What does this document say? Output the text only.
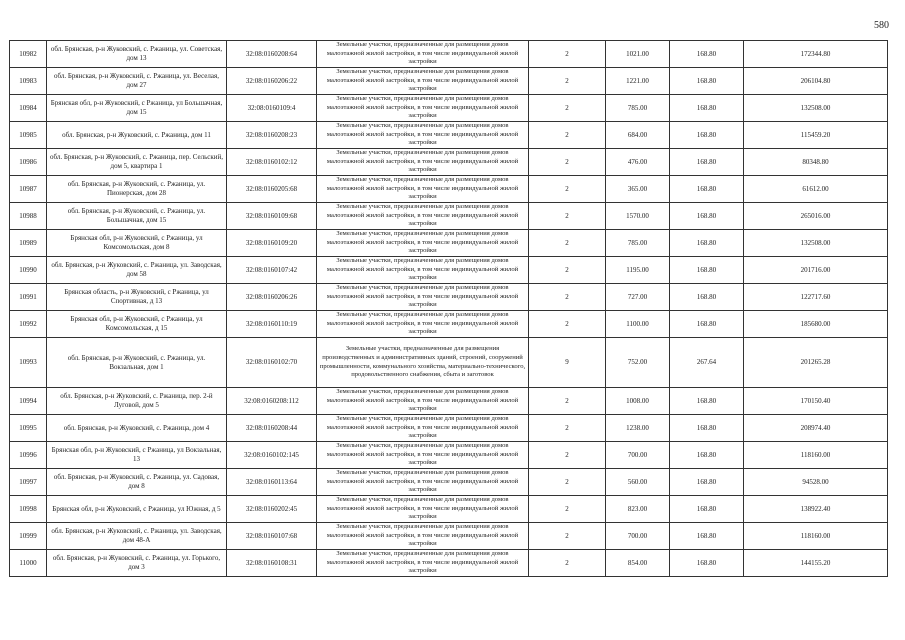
580
10982	обл. Брянская, р-н Жуковский, с. Ржаница, ул. Советская, дом 13	32:08:0160208:64	Земельные участки, предназначенные для размещения домов малоэтажной жилой застройки, в том числе индивидуальной жилой застройки	2	1021.00	168.80	172344.80
10983	обл. Брянская, р-н Жуковский, с. Ржаница, ул. Веселая, дом 27	32:08:0160206:22	Земельные участки, предназначенные для размещения домов малоэтажной жилой застройки, в том числе индивидуальной жилой застройки	2	1221.00	168.80	206104.80
10984	Брянская обл, р-н Жуковский, с Ржаница, ул Большачная, дом 15	32:08:0160109:4	Земельные участки, предназначенные для размещения домов малоэтажной жилой застройки, в том числе индивидуальной жилой застройки	2	785.00	168.80	132508.00
10985	обл. Брянская, р-н Жуковский, с. Ржаница, дом 11	32:08:0160208:23	Земельные участки, предназначенные для размещения домов малоэтажной жилой застройки, в том числе индивидуальной жилой застройки	2	684.00	168.80	115459.20
10986	обл. Брянская, р-н Жуковский, с. Ржаница, пер. Сельский, дом 5, квартира 1	32:08:0160102:12	Земельные участки, предназначенные для размещения домов малоэтажной жилой застройки, в том числе индивидуальной жилой застройки	2	476.00	168.80	80348.80
10987	обл. Брянская, р-н Жуковский, с. Ржаница, ул. Пионерская, дом 28	32:08:0160205:68	Земельные участки, предназначенные для размещения домов малоэтажной жилой застройки, в том числе индивидуальной жилой застройки	2	365.00	168.80	61612.00
10988	обл. Брянская, р-н Жуковский, с. Ржаница, ул. Большачная, дом 15	32:08:0160109:68	Земельные участки, предназначенные для размещения домов малоэтажной жилой застройки, в том числе индивидуальной жилой застройки	2	1570.00	168.80	265016.00
10989	Брянская обл, р-н Жуковский, с Ржаница, ул Комсомольская, дом 8	32:08:0160109:20	Земельные участки, предназначенные для размещения домов малоэтажной жилой застройки, в том числе индивидуальной жилой застройки	2	785.00	168.80	132508.00
10990	обл. Брянская, р-н Жуковский, с. Ржаница, ул. Заводская, дом 58	32:08:0160107:42	Земельные участки, предназначенные для размещения домов малоэтажной жилой застройки, в том числе индивидуальной жилой застройки	2	1195.00	168.80	201716.00
10991	Брянская область, р-н Жуковский, с Ржаница, ул Спортивная, д 13	32:08:0160206:26	Земельные участки, предназначенные для размещения домов малоэтажной жилой застройки, в том числе индивидуальной жилой застройки	2	727.00	168.80	122717.60
10992	Брянская обл, р-н Жуковский, с Ржаница, ул Комсомольская, д 15	32:08:0160110:19	Земельные участки, предназначенные для размещения домов малоэтажной жилой застройки, в том числе индивидуальной жилой застройки	2	1100.00	168.80	185680.00
10993	обл. Брянская, р-н Жуковский, с. Ржаница, ул. Вокзальная, дом 1	32:08:0160102:70	Земельные участки, предназначенные для размещения производственных и административных зданий, строений, сооружений промышленности, коммунального хозяйства, материально-технического, продовольственного снабжения, сбыта и заготовок	9	752.00	267.64	201265.28
10994	обл. Брянская, р-н Жуковский, с. Ржаница, пер. 2-й Луговой, дом 5	32:08:0160208:112	Земельные участки, предназначенные для размещения домов малоэтажной жилой застройки, в том числе индивидуальной жилой застройки	2	1008.00	168.80	170150.40
10995	обл. Брянская, р-н Жуковский, с. Ржаница, дом 4	32:08:0160208:44	Земельные участки, предназначенные для размещения домов малоэтажной жилой застройки, в том числе индивидуальной жилой застройки	2	1238.00	168.80	208974.40
10996	Брянская обл, р-н Жуковский, с Ржаница, ул Вокзальная, 13	32:08:0160102:145	Земельные участки, предназначенные для размещения домов малоэтажной жилой застройки, в том числе индивидуальной жилой застройки	2	700.00	168.80	118160.00
10997	обл. Брянская, р-н Жуковский, с. Ржаница, ул. Садовая, дом 8	32:08:0160113:64	Земельные участки, предназначенные для размещения домов малоэтажной жилой застройки, в том числе индивидуальной жилой застройки	2	560.00	168.80	94528.00
10998	Брянская обл, р-н Жуковский, с Ржаница, ул Южная, д 5	32:08:0160202:45	Земельные участки, предназначенные для размещения домов малоэтажной жилой застройки, в том числе индивидуальной жилой застройки	2	823.00	168.80	138922.40
10999	обл. Брянская, р-н Жуковский, с. Ржаница, ул. Заводская, дом 48-А	32:08:0160107:68	Земельные участки, предназначенные для размещения домов малоэтажной жилой застройки, в том числе индивидуальной жилой застройки	2	700.00	168.80	118160.00
11000	обл. Брянская, р-н Жуковский, с. Ржаница, ул. Горького, дом 3	32:08:0160108:31	Земельные участки, предназначенные для размещения домов малоэтажной жилой застройки, в том числе индивидуальной жилой застройки	2	854.00	168.80	144155.20
